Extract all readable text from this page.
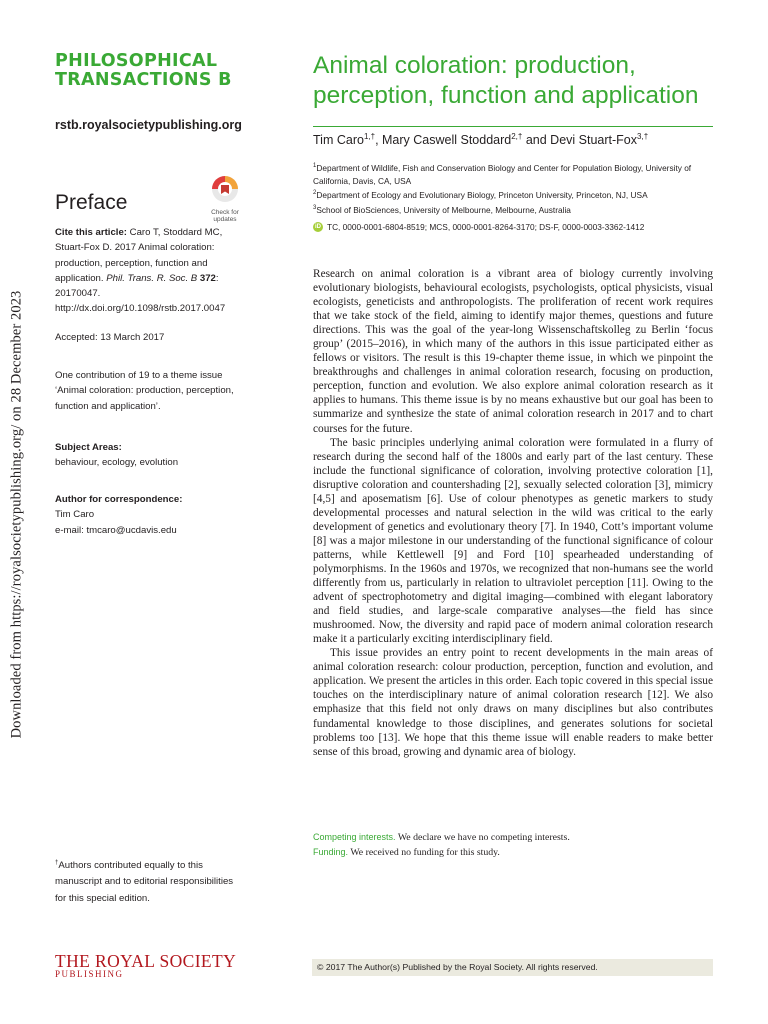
Downloaded from https://royalsocietypublishing.org/ on 28 December 2023
PHILOSOPHICAL
TRANSACTIONS B
rstb.royalsocietypublishing.org
Preface	Check for
updates
Cite this article: Caro T, Stoddard MC, Stuart-Fox D. 2017 Animal coloration: production, perception, function and application. Phil. Trans. R. Soc. B 372: 20170047.
http://dx.doi.org/10.1098/rstb.2017.0047
Accepted: 13 March 2017
One contribution of 19 to a theme issue ‘Animal coloration: production, perception, function and application’.
Subject Areas:
behaviour, ecology, evolution
Author for correspondence:
Tim Caro
e-mail: tmcaro@ucdavis.edu
†Authors contributed equally to this manuscript and to editorial responsibilities for this special edition.
THE ROYAL SOCIETY
PUBLISHING
Animal coloration: production, perception, function and application
Tim Caro$^{1,\dagger}$, Mary Caswell Stoddard$^{2,\dagger}$ and Devi Stuart-Fox$^{3,\dagger}$
$^1$Department of Wildlife, Fish and Conservation Biology and Center for Population Biology, University of California, Davis, CA, USA
$^2$Department of Ecology and Evolutionary Biology, Princeton University, Princeton, NJ, USA
$^3$School of BioSciences, University of Melbourne, Melbourne, Australia
iD TC, 0000-0001-6804-8519; MCS, 0000-0001-8264-3170; DS-F, 0000-0003-3362-1412

Research on animal coloration is a vibrant area of biology currently involving evolutionary biologists, behavioural ecologists, psychologists, optical physicists, visual ecologists, geneticists and anthropologists. The proliferation of recent work requires that we take stock of the field, aiming to identify major themes, questions and future directions. This was the goal of the year-long Wissenschaftskolleg zu Berlin ‘focus group’ (2015–2016), in which many of the authors in this issue participated either as fellows or visitors. The result is this 19-chapter theme issue, in which we pinpoint the breakthroughs and challenges in animal coloration research, focusing on production, perception, function and evolution. We also explore animal coloration research as it applies to humans. This theme issue is by no means exhaustive but our goal has been to summarize and synthesize the state of animal coloration research in 2017 and to chart courses for the future.

The basic principles underlying animal coloration were formulated in a flurry of research during the second half of the 1800s and early part of the last century. These include the functional significance of coloration, involving protective coloration [1], disruptive coloration and countershading [2], sexually selected coloration [3], mimicry [4,5] and aposematism [6]. Use of colour phenotypes as genetic markers to study developmental processes and natural selection in the wild was critical to the early development of genetics and evolutionary theory [7]. In 1940, Cott’s important volume [8] was a major milestone in our understanding of the functional significance of colour patterns, while Kettlewell [9] and Ford [10] spearheaded understanding of polymorphisms. In the 1960s and 1970s, we recognized that non-humans see the world differently from us, particularly in relation to ultraviolet perception [11]. Owing to the advent of spectrophotometry and digital imaging—combined with elegant laboratory and field studies, and large-scale comparative analyses—the field has since mushroomed. Now, the diversity and rapid pace of modern animal coloration research make it a particularly exciting interdisciplinary field.

This issue provides an entry point to recent developments in the main areas of animal coloration research: colour production, perception, function and evolution, and application. We present the articles in this order. Each topic covered in this special issue touches on the interdisciplinary nature of animal coloration research [12]. We also emphasize that this field not only draws on many disciplines but also contributes fundamental knowledge to those disciplines, and generates solutions for societal problems too [13]. We hope that this theme issue will enable readers to make better sense of this broad, growing and dynamic area of biology.

Competing interests. We declare we have no competing interests.
Funding. We received no funding for this study.
© 2017 The Author(s) Published by the Royal Society. All rights reserved.
